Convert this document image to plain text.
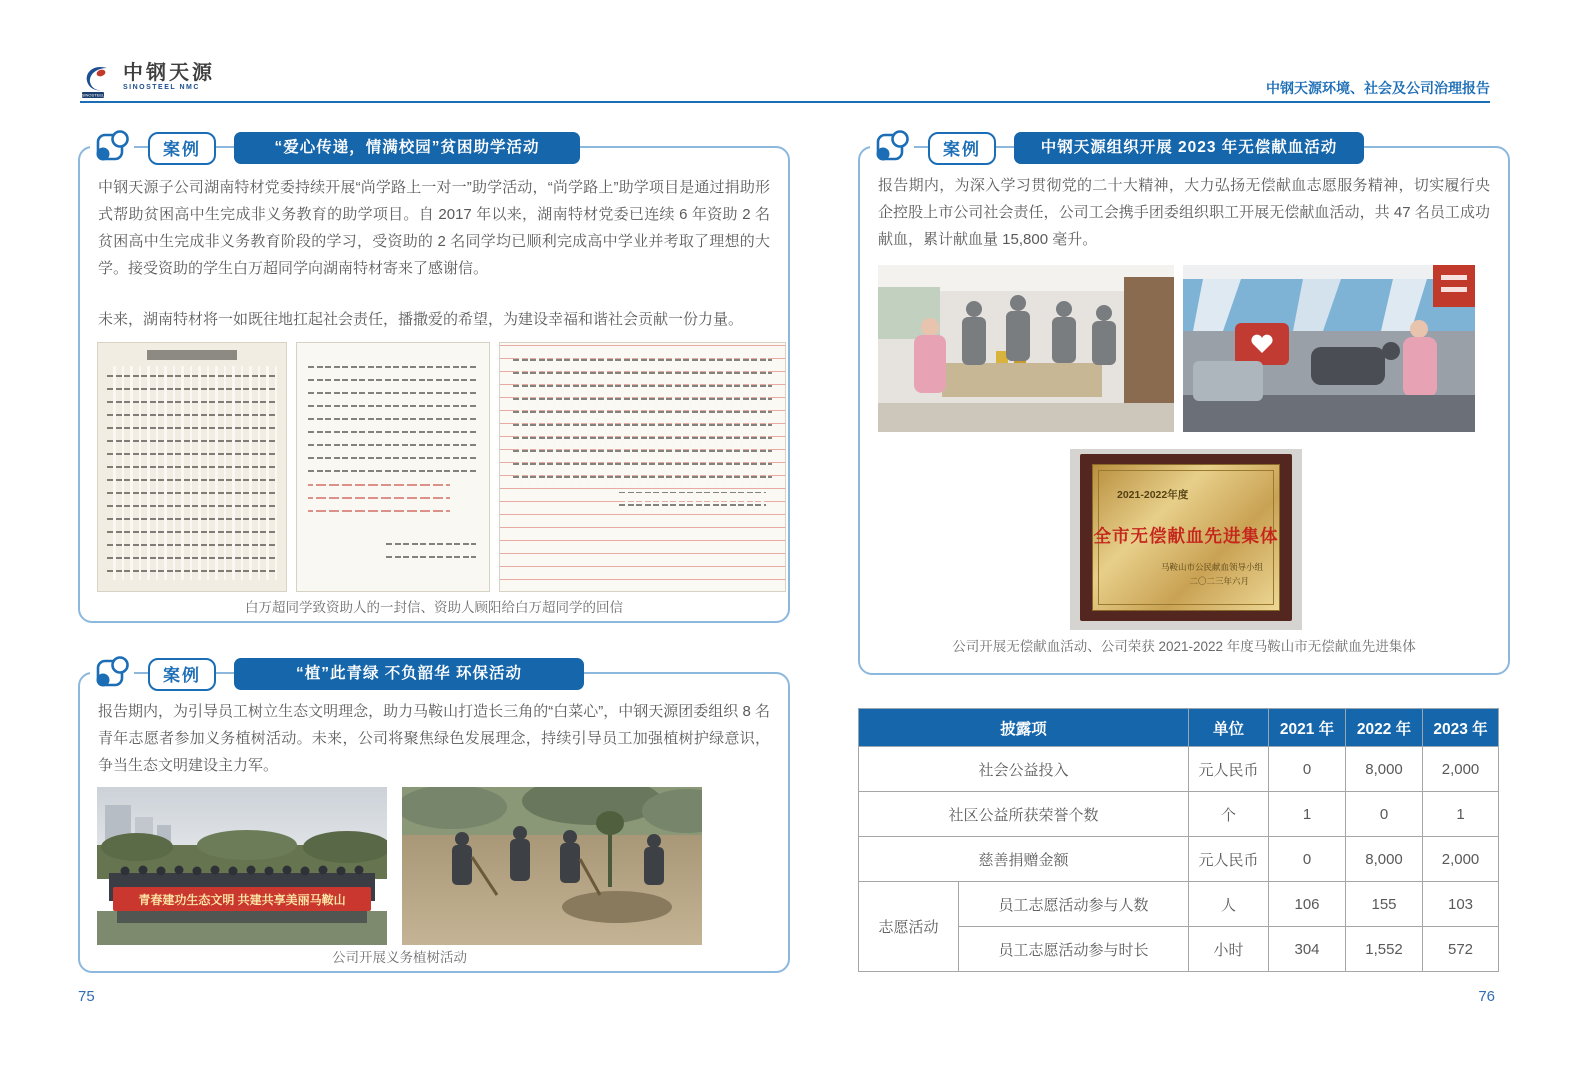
SINOSTEEL
中钢天源
SINOSTEEL NMC	中钢天源环境、社会及公司治理报告
案例	“爱心传递，情满校园”贫困助学活动

中钢天源子公司湖南特材党委持续开展“尚学路上一对一”助学活动，“尚学路上”助学项目是通过捐助形式帮助贫困高中生完成非义务教育的助学项目。自 2017 年以来，湖南特材党委已连续 6 年资助 2 名贫困高中生完成非义务教育阶段的学习，受资助的 2 名同学均已顺利完成高中学业并考取了理想的大学。接受资助的学生白万超同学向湖南特材寄来了感谢信。

未来，湖南特材将一如既往地扛起社会责任，播撒爱的希望，为建设幸福和谐社会贡献一份力量。

白万超同学致资助人的一封信、资助人顾阳给白万超同学的回信
案例	“植”此青绿 不负韶华 环保活动

报告期内，为引导员工树立生态文明理念，助力马鞍山打造长三角的“白菜心”，中钢天源团委组织 8 名青年志愿者参加义务植树活动。未来，公司将聚焦绿色发展理念，持续引导员工加强植树护绿意识，争当生态文明建设主力军。

青春建功生态文明 共建共享美丽马鞍山
公司开展义务植树活动
75
案例	中钢天源组织开展 2023 年无偿献血活动

报告期内，为深入学习贯彻党的二十大精神，大力弘扬无偿献血志愿服务精神，切实履行央企控股上市公司社会责任，公司工会携手团委组织职工开展无偿献血活动，共 47 名员工成功献血，累计献血量 15,800 毫升。

2021-2022年度
全市无偿献血先进集体
马鞍山市公民献血领导小组
二〇二三年六月
公司开展无偿献血活动、公司荣获 2021-2022 年度马鞍山市无偿献血先进集体
披露项		单位	2021 年	2022 年	2023 年
社会公益投入		元人民币	0	8,000	2,000
社区公益所获荣誉个数		个	1	0	1
慈善捐赠金额		元人民币	0	8,000	2,000
志愿活动	员工志愿活动参与人数	人	106	155	103
	员工志愿活动参与时长	小时	304	1,552	572
76
